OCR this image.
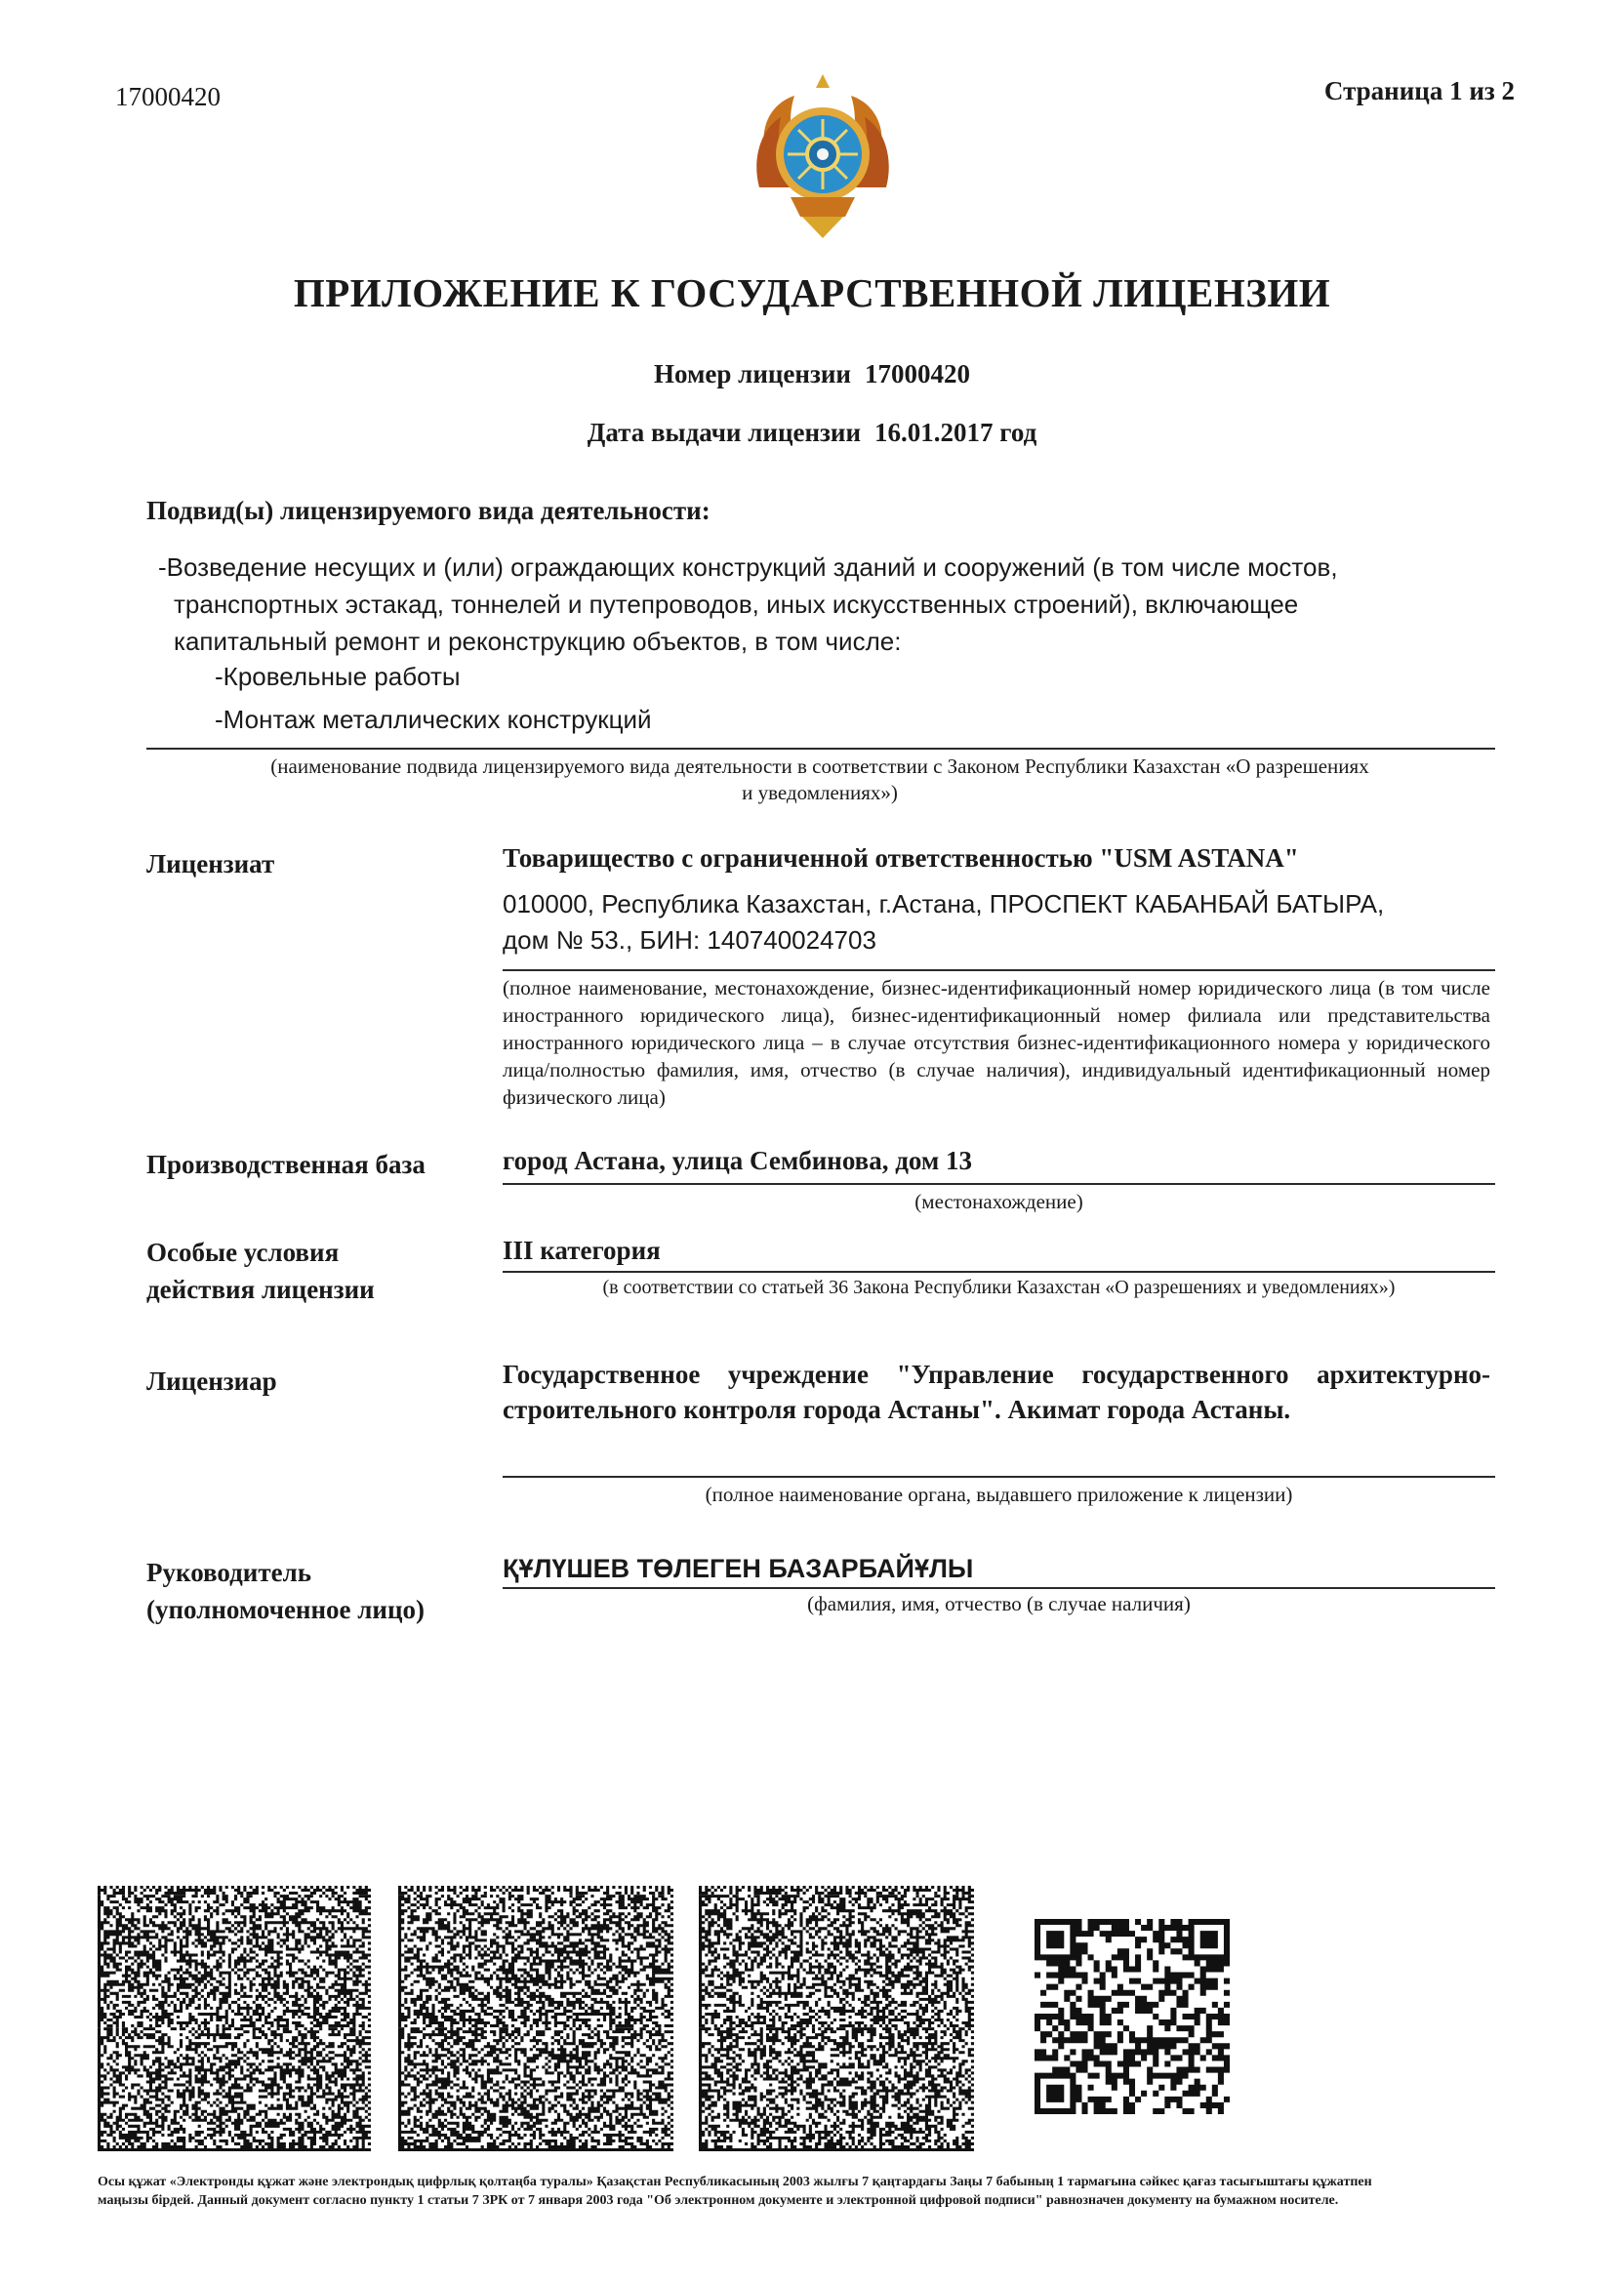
17000420	Страница 1 из 2
ПРИЛОЖЕНИЕ К ГОСУДАРСТВЕННОЙ ЛИЦЕНЗИИ
Номер лицензии 17000420
Дата выдачи лицензии 16.01.2017 год
Подвид(ы) лицензируемого вида деятельности:
-Возведение несущих и (или) ограждающих конструкций зданий и сооружений (в том числе мостов,
транспортных эстакад, тоннелей и путепроводов, иных искусственных строений), включающее
капитальный ремонт и реконструкцию объектов, в том числе:
-Кровельные работы
-Монтаж металлических конструкций
(наименование подвида лицензируемого вида деятельности в соответствии с Законом Республики Казахстан «О разрешениях
и уведомлениях»)
Лицензиат	Товарищество с ограниченной ответственностью "USM ASTANA"
010000, Республика Казахстан, г.Астана, ПРОСПЕКТ КАБАНБАЙ БАТЫРА,
дом № 53., БИН: 140740024703
(полное наименование, местонахождение, бизнес-идентификационный номер юридического лица (в том числе иностранного юридического лица), бизнес-идентификационный номер филиала или представительства иностранного юридического лица – в случае отсутствия бизнес-идентификационного номера у юридического лица/полностью фамилия, имя, отчество (в случае наличия), индивидуальный идентификационный номер физического лица)
Производственная база	город Астана, улица Сембинова, дом 13
(местонахождение)
Особые условия
действия лицензии
III категория
(в соответствии со статьей 36 Закона Республики Казахстан «О разрешениях и уведомлениях»)
Лицензиар	Государственное учреждение "Управление государственного архитектурно-строительного контроля города Астаны". Акимат города Астаны.
(полное наименование органа, выдавшего приложение к лицензии)
Руководитель
(уполномоченное лицо)
ҚҰЛҮШЕВ ТӨЛЕГЕН БАЗАРБАЙҰЛЫ
(фамилия, имя, отчество (в случае наличия)
Осы құжат «Электронды құжат және электрондық цифрлық қолтаңба туралы» Қазақстан Республикасының 2003 жылғы 7 қаңтардағы Заңы 7 бабының 1 тармағына сәйкес қағаз тасығыштағы құжатпен
маңызы бірдей. Данный документ согласно пункту 1 статьи 7 ЗРК от 7 января 2003 года "Об электронном документе и электронной цифровой подписи" равнозначен документу на бумажном носителе.
